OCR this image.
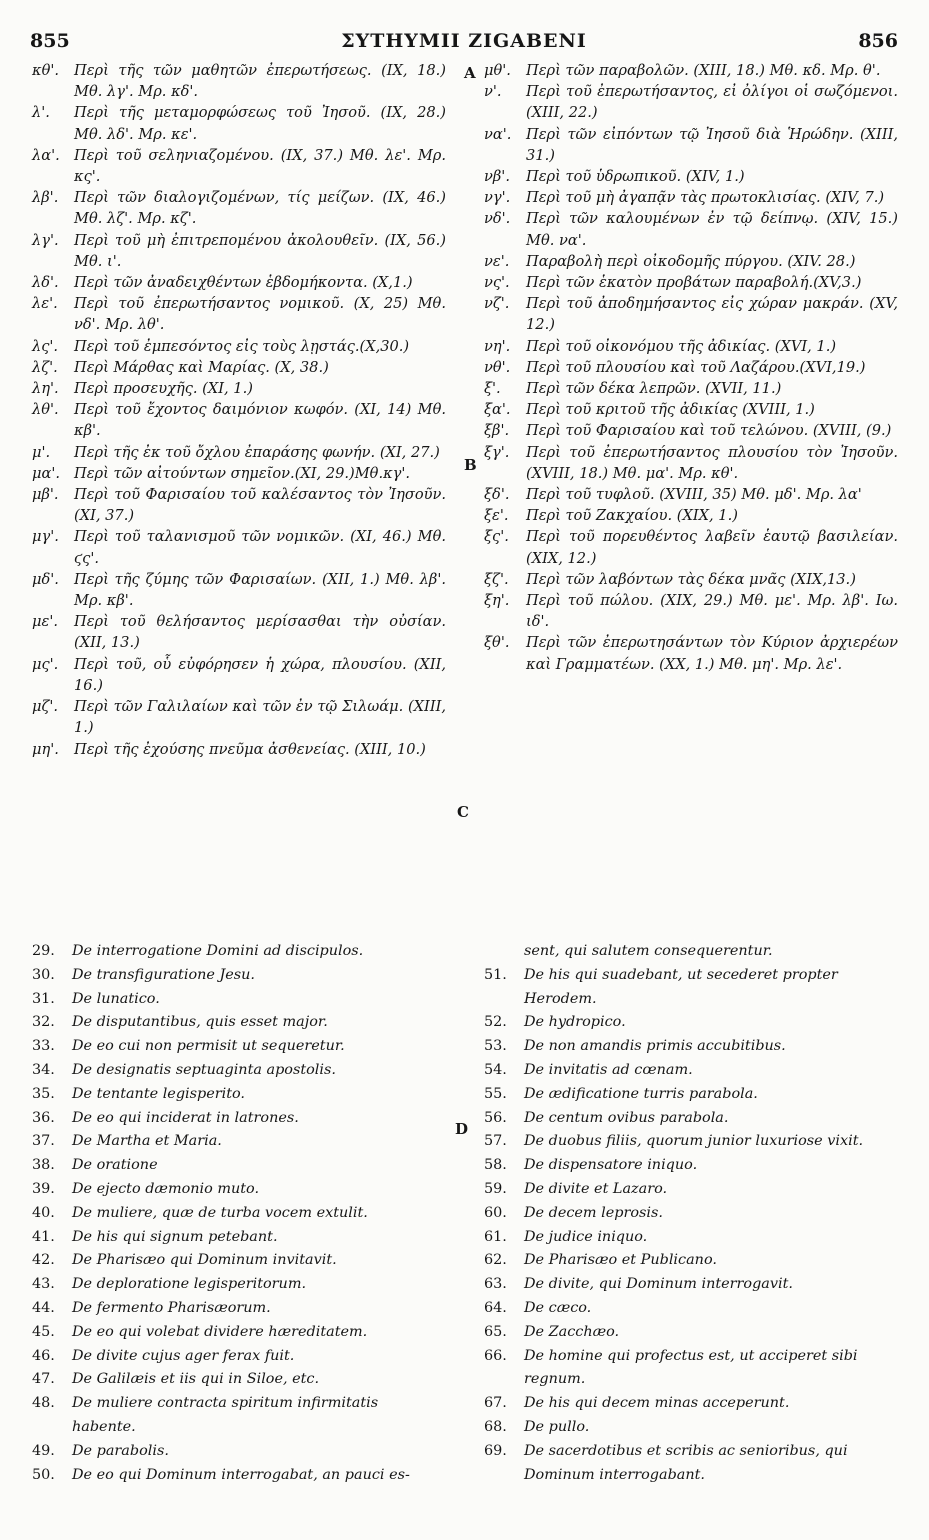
855	ΣΥΤΗΥΜΙΙ ZIGABENI	856
κθ'. Περὶ τῆς τῶν μαθητῶν ἐπερωτήσεως. (IX, 18.) Μθ. λγ'. Μρ. κδ'.
λ'. Περὶ τῆς μεταμορφώσεως τοῦ Ἰησοῦ. (IX, 28.) Μθ. λδ'. Μρ. κε'.
λα'. Περὶ τοῦ σεληνιαζομένου. (IX, 37.) Μθ. λε'. Μρ. κς'.
λβ'. Περὶ τῶν διαλογιζομένων, τίς μείζων. (IX, 46.) Μθ. λζ'. Μρ. κζ'.
λγ'. Περὶ τοῦ μὴ ἐπιτρεπομένου ἀκολουθεῖν. (IX, 56.) Μθ. ι'.
λδ'. Περὶ τῶν ἀναδειχθέντων ἑβδομήκοντα. (X,1.)
λε'. Περὶ τοῦ ἐπερωτήσαντος νομικοῦ. (X, 25) Μθ. νδ'. Μρ. λθ'.
λς'. Περὶ τοῦ ἐμπεσόντος εἰς τοὺς λῃστάς.(X,30.)
λζ'. Περὶ Μάρθας καὶ Μαρίας. (X, 38.)
λη'. Περὶ προσευχῆς. (XI, 1.)
λθ'. Περὶ τοῦ ἔχοντος δαιμόνιον κωφόν. (XI, 14) Μθ. κβ'.
μ'. Περὶ τῆς ἐκ τοῦ ὄχλου ἐπαράσης φωνήν. (XI, 27.)
μα'. Περὶ τῶν αἰτούντων σημεῖον.(XI, 29.)Μθ.κγ'.
μβ'. Περὶ τοῦ Φαρισαίου τοῦ καλέσαντος τὸν Ἰησοῦν. (XI, 37.)
μγ'. Περὶ τοῦ ταλανισμοῦ τῶν νομικῶν. (XI, 46.) Μθ. ϛς'.
μδ'. Περὶ τῆς ζύμης τῶν Φαρισαίων. (XII, 1.) Μθ. λβ'. Μρ. κβ'.
με'. Περὶ τοῦ θελήσαντος μερίσασθαι τὴν οὐσίαν. (XII, 13.)
μς'. Περὶ τοῦ, οὗ εὐφόρησεν ἡ χώρα, πλουσίου. (XII, 16.)
μζ'. Περὶ τῶν Γαλιλαίων καὶ τῶν ἐν τῷ Σιλωάμ. (XIII, 1.)
μη'. Περὶ τῆς ἐχούσης πνεῦμα ἀσθενείας. (XIII, 10.)
μθ'. Περὶ τῶν παραβολῶν. (XIII, 18.) Μθ. κδ. Μρ. θ'.
ν'. Περὶ τοῦ ἐπερωτήσαντος, εἰ ὀλίγοι οἱ σωζόμενοι. (XIII, 22.)
να'. Περὶ τῶν εἰπόντων τῷ Ἰησοῦ διὰ Ἡρώδην. (XIII, 31.)
νβ'. Περὶ τοῦ ὑδρωπικοῦ. (XIV, 1.)
νγ'. Περὶ τοῦ μὴ ἀγαπᾷν τὰς πρωτοκλισίας. (XIV, 7.)
νδ'. Περὶ τῶν καλουμένων ἐν τῷ δείπνῳ. (XIV, 15.) Μθ. να'.
νε'. Παραβολὴ περὶ οἰκοδομῆς πύργου. (XIV. 28.)
νς'. Περὶ τῶν ἑκατὸν προβάτων παραβολή.(XV,3.)
νζ'. Περὶ τοῦ ἀποδημήσαντος εἰς χώραν μακράν. (XV, 12.)
νη'. Περὶ τοῦ οἰκονόμου τῆς ἀδικίας. (XVI, 1.)
νθ'. Περὶ τοῦ πλουσίου καὶ τοῦ Λαζάρου.(XVI,19.)
ξ'. Περὶ τῶν δέκα λεπρῶν. (XVII, 11.)
ξα'. Περὶ τοῦ κριτοῦ τῆς ἀδικίας (XVIII, 1.)
ξβ'. Περὶ τοῦ Φαρισαίου καὶ τοῦ τελώνου. (XVIII, (9.)
ξγ'. Περὶ τοῦ ἐπερωτήσαντος πλουσίου τὸν Ἰησοῦν. (XVIII, 18.) Μθ. μα'. Μρ. κθ'.
ξδ'. Περὶ τοῦ τυφλοῦ. (XVIII, 35) Μθ. μδ'. Μρ. λα'
ξε'. Περὶ τοῦ Ζακχαίου. (XIX, 1.)
ξς'. Περὶ τοῦ πορευθέντος λαβεῖν ἑαυτῷ βασιλείαν. (XIX, 12.)
ξζ'. Περὶ τῶν λαβόντων τὰς δέκα μνᾶς (XIX,13.)
ξη'. Περὶ τοῦ πώλου. (XIX, 29.) Μθ. με'. Μρ. λβ'. Ιω. ιδ'.
ξθ'. Περὶ τῶν ἐπερωτησάντων τὸν Κύριον ἀρχιερέων καὶ Γραμματέων. (XX, 1.) Μθ. μη'. Μρ. λε'.
A
B
C
29. De interrogatione Domini ad discipulos.
30. De transfiguratione Jesu.
31. De lunatico.
32. De disputantibus, quis esset major.
33. De eo cui non permisit ut sequeretur.
34. De designatis septuaginta apostolis.
35. De tentante legisperito.
36. De eo qui inciderat in latrones.
37. De Martha et Maria.
38. De oratione
39. De ejecto dæmonio muto.
40. De muliere, quæ de turba vocem extulit.
41. De his qui signum petebant.
42. De Pharisæo qui Dominum invitavit.
43. De deploratione legisperitorum.
44. De fermento Pharisæorum.
45. De eo qui volebat dividere hæreditatem.
46. De divite cujus ager ferax fuit.
47. De Galilæis et iis qui in Siloe, etc.
48. De muliere contracta spiritum infirmitatis habente.
49. De parabolis.
50. De eo qui Dominum interrogabat, an pauci es-
sent, qui salutem consequerentur.
51. De his qui suadebant, ut secederet propter Herodem.
52. De hydropico.
53. De non amandis primis accubitibus.
54. De invitatis ad cœnam.
55. De ædificatione turris parabola.
56. De centum ovibus parabola.
57. De duobus filiis, quorum junior luxuriose vixit.
58. De dispensatore iniquo.
59. De divite et Lazaro.
60. De decem leprosis.
61. De judice iniquo.
62. De Pharisæo et Publicano.
63. De divite, qui Dominum interrogavit.
64. De cæco.
65. De Zacchæo.
66. De homine qui profectus est, ut acciperet sibi regnum.
67. De his qui decem minas acceperunt.
68. De pullo.
69. De sacerdotibus et scribis ac senioribus, qui Dominum interrogabant.
D
